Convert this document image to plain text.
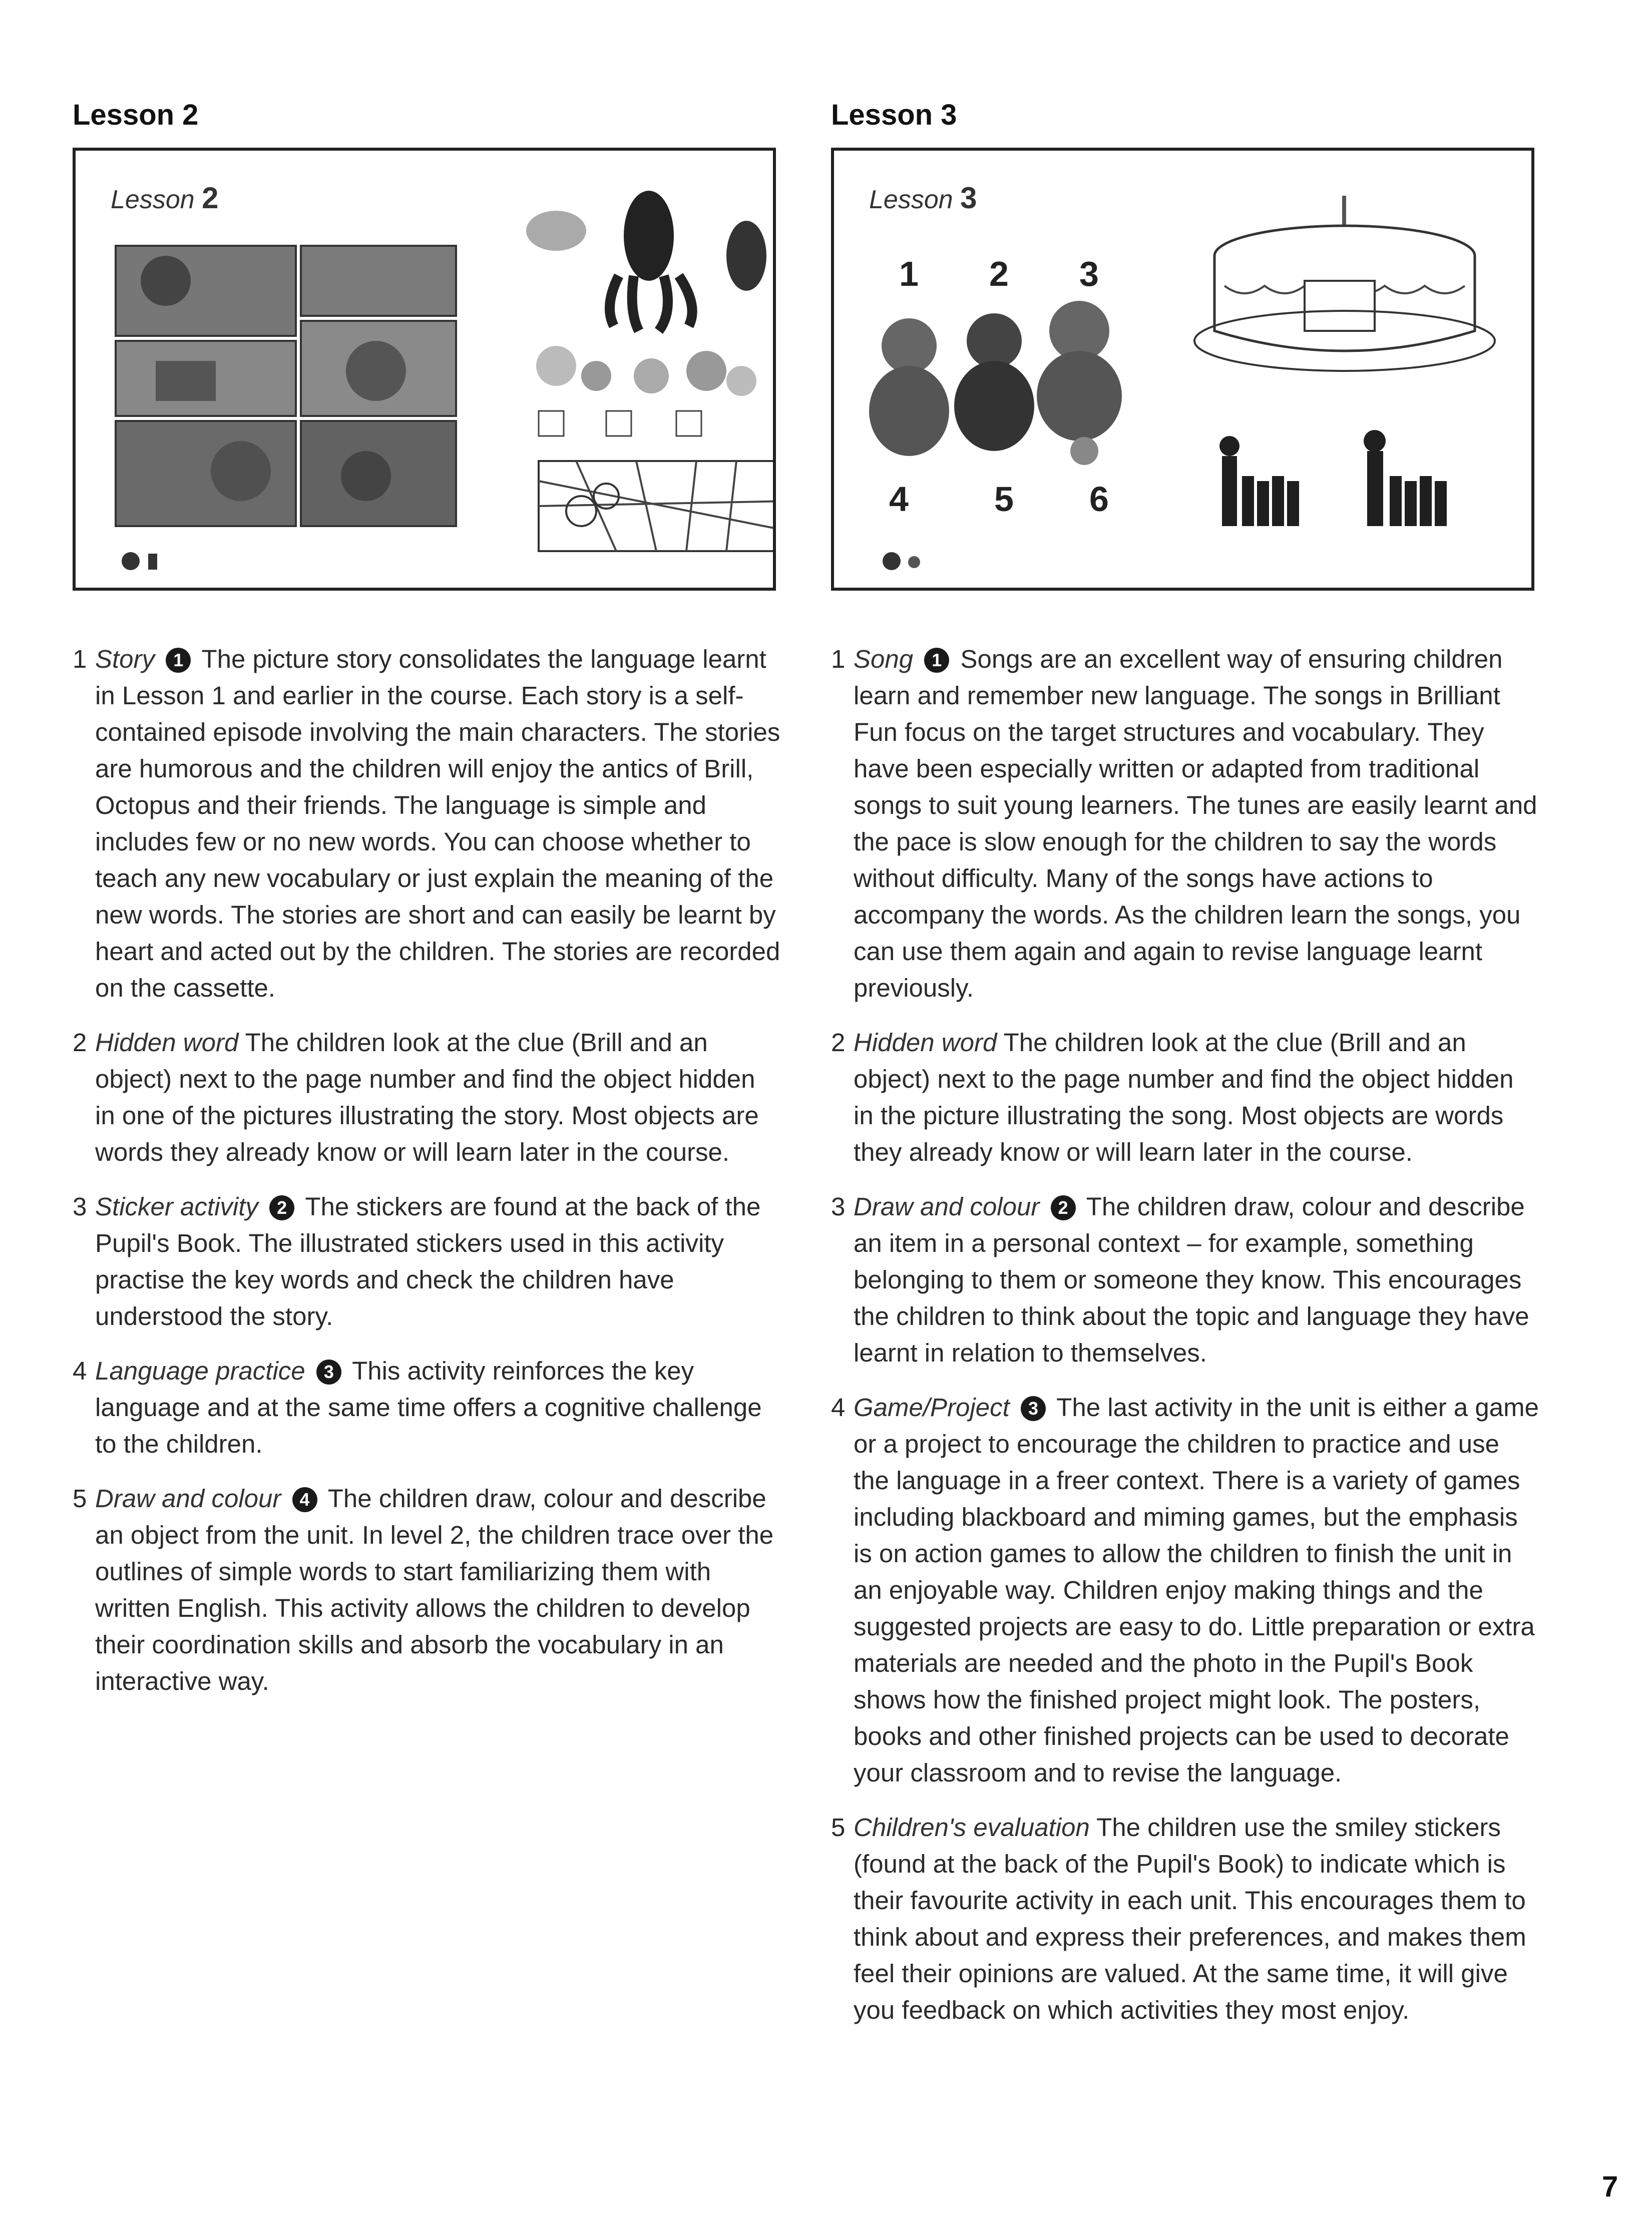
Lesson 2
Lesson 2
1 Story 1 The picture story consolidates the language learnt in Lesson 1 and earlier in the course. Each story is a self-contained episode involving the main characters. The stories are humorous and the children will enjoy the antics of Brill, Octopus and their friends. The language is simple and includes few or no new words. You can choose whether to teach any new vocabulary or just explain the meaning of the new words. The stories are short and can easily be learnt by heart and acted out by the children. The stories are recorded on the cassette.
2 Hidden word The children look at the clue (Brill and an object) next to the page number and find the object hidden in one of the pictures illustrating the story. Most objects are words they already know or will learn later in the course.
3 Sticker activity 2 The stickers are found at the back of the Pupil's Book. The illustrated stickers used in this activity practise the key words and check the children have understood the story.
4 Language practice 3 This activity reinforces the key language and at the same time offers a cognitive challenge to the children.
5 Draw and colour 4 The children draw, colour and describe an object from the unit. In level 2, the children trace over the outlines of simple words to start familiarizing them with written English. This activity allows the children to develop their coordination skills and absorb the vocabulary in an interactive way.
Lesson 3
Lesson 3
1 2 3
4 5 6
1 Song 1 Songs are an excellent way of ensuring children learn and remember new language. The songs in Brilliant Fun focus on the target structures and vocabulary. They have been especially written or adapted from traditional songs to suit young learners. The tunes are easily learnt and the pace is slow enough for the children to say the words without difficulty. Many of the songs have actions to accompany the words. As the children learn the songs, you can use them again and again to revise language learnt previously.
2 Hidden word The children look at the clue (Brill and an object) next to the page number and find the object hidden in the picture illustrating the song. Most objects are words they already know or will learn later in the course.
3 Draw and colour 2 The children draw, colour and describe an item in a personal context – for example, something belonging to them or someone they know. This encourages the children to think about the topic and language they have learnt in relation to themselves.
4 Game/Project 3 The last activity in the unit is either a game or a project to encourage the children to practice and use the language in a freer context. There is a variety of games including blackboard and miming games, but the emphasis is on action games to allow the children to finish the unit in an enjoyable way. Children enjoy making things and the suggested projects are easy to do. Little preparation or extra materials are needed and the photo in the Pupil's Book shows how the finished project might look. The posters, books and other finished projects can be used to decorate your classroom and to revise the language.
5 Children's evaluation The children use the smiley stickers (found at the back of the Pupil's Book) to indicate which is their favourite activity in each unit. This encourages them to think about and express their preferences, and makes them feel their opinions are valued. At the same time, it will give you feedback on which activities they most enjoy.
7
